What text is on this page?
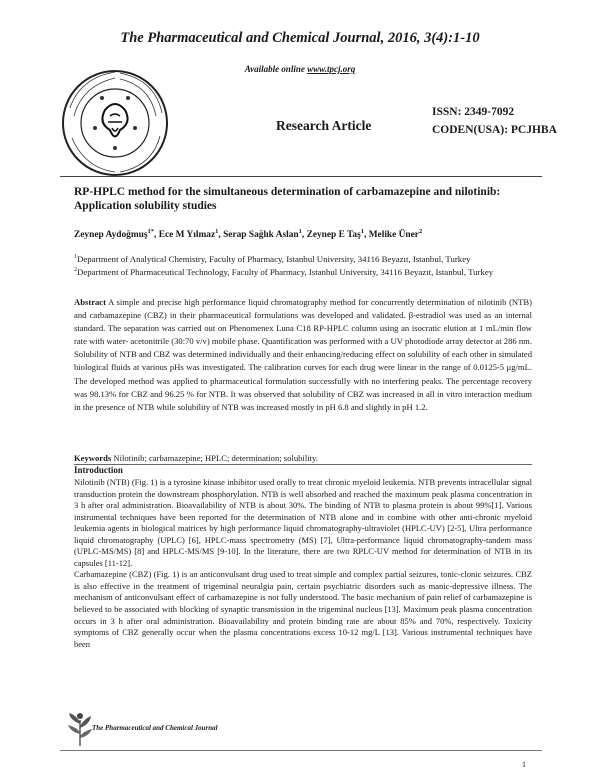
The Pharmaceutical and Chemical Journal, 2016, 3(4):1-10
Available online www.tpcj.org
Research Article
ISSN: 2349-7092
CODEN(USA): PCJHBA
RP-HPLC method for the simultaneous determination of carbamazepine and nilotinib: Application solubility studies
Zeynep Aydoğmuş$^{1*}$, Ece M Yılmaz$^1$, Serap Sağlık Aslan$^1$, Zeynep E Taş$^1$, Melike Üner$^2$
$^1$Department of Analytical Chemistry, Faculty of Pharmacy, Istanbul University, 34116 Beyazıt, Istanbul, Turkey
$^2$Department of Pharmaceutical Technology, Faculty of Pharmacy, Istanbul University, 34116 Beyazıt, Istanbul, Turkey
Abstract A simple and precise high performance liquid chromatography method for concurrently determination of nilotinib (NTB) and carbamazepine (CBZ) in their pharmaceutical formulations was developed and validated. β-estradiol was used as an internal standard. The separation was carried out on Phenomenex Luna C18 RP-HPLC column using an isocratic elution at 1 mL/min flow rate with water- acetonitrile (30:70 v/v) mobile phase. Quantification was performed with a UV photodiode array detector at 286 nm. Solubility of NTB and CBZ was determined individually and their enhancing/reducing effect on solubility of each other in simulated biological fluids at various pHs was investigated. The calibration curves for each drug were linear in the range of 0.0125-5 μg/mL. The developed method was applied to pharmaceutical formulation successfully with no interfering peaks. The percentage recovery was 98.13% for CBZ and 96.25 % for NTB. It was observed that solubility of CBZ was increased in all in vitro interaction medium in the presence of NTB while solubility of NTB was increased mostly in pH 6.8 and slightly in pH 1.2.
Keywords Nilotinib; carbamazepine; HPLC; determination; solubility.
Introduction

Nilotinib (NTB) (Fig. 1) is a tyrosine kinase inhibitor used orally to treat chronic myeloid leukemia. NTB prevents intracellular signal transduction protein the downstream phosphorylation. NTB is well absorbed and reached the maximum peak plasma concentration in 3 h after oral administration. Bioavailability of NTB is about 30%. The binding of NTB to plasma protein is about 99%[1]. Various instrumental techniques have been reported for the determination of NTB alone and in combine with other anti-chronic myeloid leukemia agents in biological matrices by high performance liquid chromatography-ultraviolet (HPLC-UV) [2-5], Ultra performance liquid chromatography (UPLC) [6], HPLC-mass spectrometry (MS) [7], Ultra-performance liquid chromatography-tandem mass (UPLC-MS/MS) [8] and HPLC-MS/MS [9-10]. In the literature, there are two RPLC-UV method for determination of NTB in its capsules [11-12].

Carbamazepine (CBZ) (Fig. 1) is an anticonvulsant drug used to treat simple and complex partial seizures, tonic-clonic seizures. CBZ is also effective in the treatment of trigeminal neuralgia pain, certain psychiatric disorders such as manic-depressive illness. The mechanism of anticonvulsant effect of carbamazepine is not fully understood. The basic mechanism of pain relief of carbamazepine is believed to be associated with blocking of synaptic transmission in the trigeminal nucleus [13]. Maximum peak plasma concentration occurs in 3 h after oral administration. Bioavailability and protein binding rate are about 85% and 70%, respectively. Toxicity symptoms of CBZ generally occur when the plasma concentrations excess 10-12 mg/L [13]. Various instrumental techniques have been

The Pharmaceutical and Chemical Journal
1
